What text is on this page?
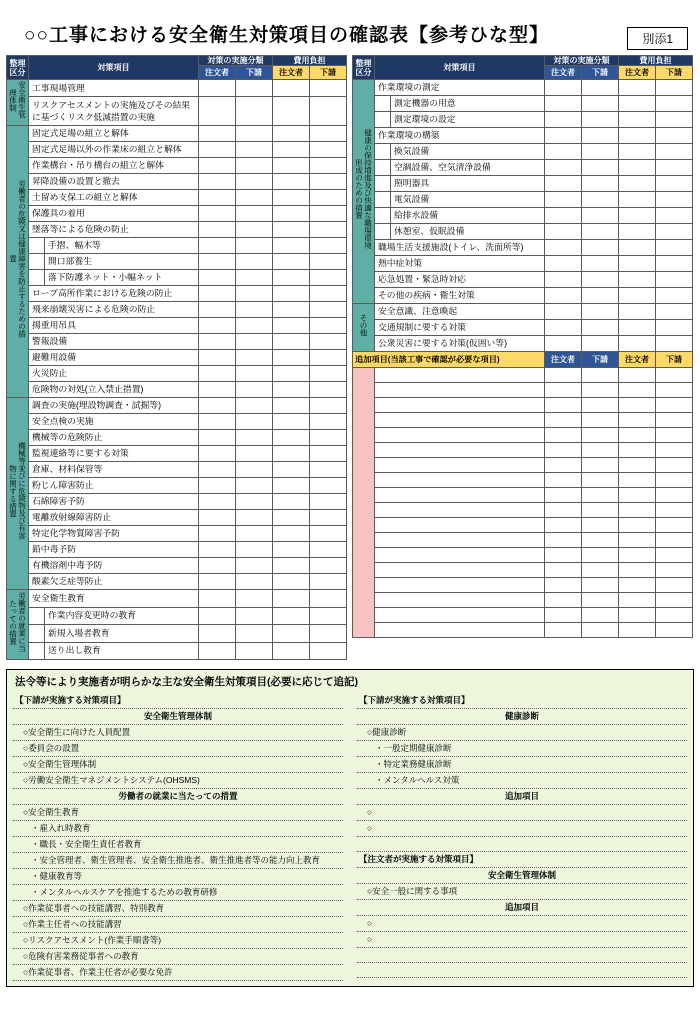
別添1
○○工事における安全衛生対策項目の確認表【参考ひな型】
整理区分	対策項目	対策の実施分類		費用負担	
		注文者	下請	注文者	下請
安全衛生管理体制	工事現場管理				
	リスクアセスメントの実施及びその結果に基づくリスク低減措置の実施				
労働者の危険又は健康障害を防止するための措置	固定式足場の組立と解体				
	固定式足場以外の作業床の組立と解体				
	作業構台・吊り構台の組立と解体				
	昇降設備の設置と撤去				
	土留め支保工の組立と解体				
	保護具の着用				
	墜落等による危険の防止				
	手摺、幅木等				
	開口部養生				
	落下防護ネット・小幅ネット				
	ロープ高所作業における危険の防止				
	飛来崩壊災害による危険の防止				
	揚重用吊具				
	警報設備				
	避難用設備				
	火災防止				
	危険物の対処(立入禁止措置)				
機械等並びに危険物及び有害物に関する措置	調査の実施(埋設物調査・試掘等)				
	安全点検の実施				
	機械等の危険防止				
	監視連絡等に要する対策				
	倉庫、材料保管等				
	粉じん障害防止				
	石綿障害予防				
	電離放射線障害防止				
	特定化学物質障害予防				
	鉛中毒予防				
	有機溶剤中毒予防				
	酸素欠乏症等防止				
労働者の就業に当たっての措置	安全衛生教育				
	作業内容変更時の教育				
	新規入場者教育				
	送り出し教育				
整理区分	対策項目	対策の実施分類		費用負担	
		注文者	下請	注文者	下請
健康の保持増進及び快適な職場環境形成のための措置	作業環境の測定				
	測定機器の用意				
	測定環境の設定				
	作業環境の構築				
	換気設備				
	空調設備、空気清浄設備				
	照明器具				
	電気設備				
	給排水設備				
	休憩室、仮眠設備				
	職場生活支援施設(トイレ、洗面所等)				
	熱中症対策				
	応急処置・緊急時対応				
	その他の疾病・衛生対策				
その他	安全意識、注意喚起				
	交通規制に要する対策				
	公衆災害に要する対策(仮囲い等)				
追加項目(当該工事で確認が必要な項目)		注文者	下請	注文者	下請

法令等により実施者が明らかな主な安全衛生対策項目(必要に応じて追記)
【下請が実施する対策項目】
安全衛生管理体制
○安全衛生に向けた人員配置
○委員会の設置
○安全衛生管理体制
○労働安全衛生マネジメントシステム(OHSMS)
労働者の就業に当たっての措置
○安全衛生教育
・雇入れ時教育
・職長・安全衛生責任者教育
・安全管理者、衛生管理者、安全衛生推進者、衛生推進者等の能力向上教育
・健康教育等
・メンタルヘルスケアを推進するための教育研修
○作業従事者への技能講習、特別教育
○作業主任者への技能講習
○リスクアセスメント(作業手順書等)
○危険有害業務従事者への教育
○作業従事者、作業主任者が必要な免許
【下請が実施する対策項目】
健康診断
○健康診断
・一般定期健康診断
・特定業務健康診断
・メンタルヘルス対策
追加項目
○
○
【注文者が実施する対策項目】
安全衛生管理体制
○安全一般に関する事項
追加項目
○
○
